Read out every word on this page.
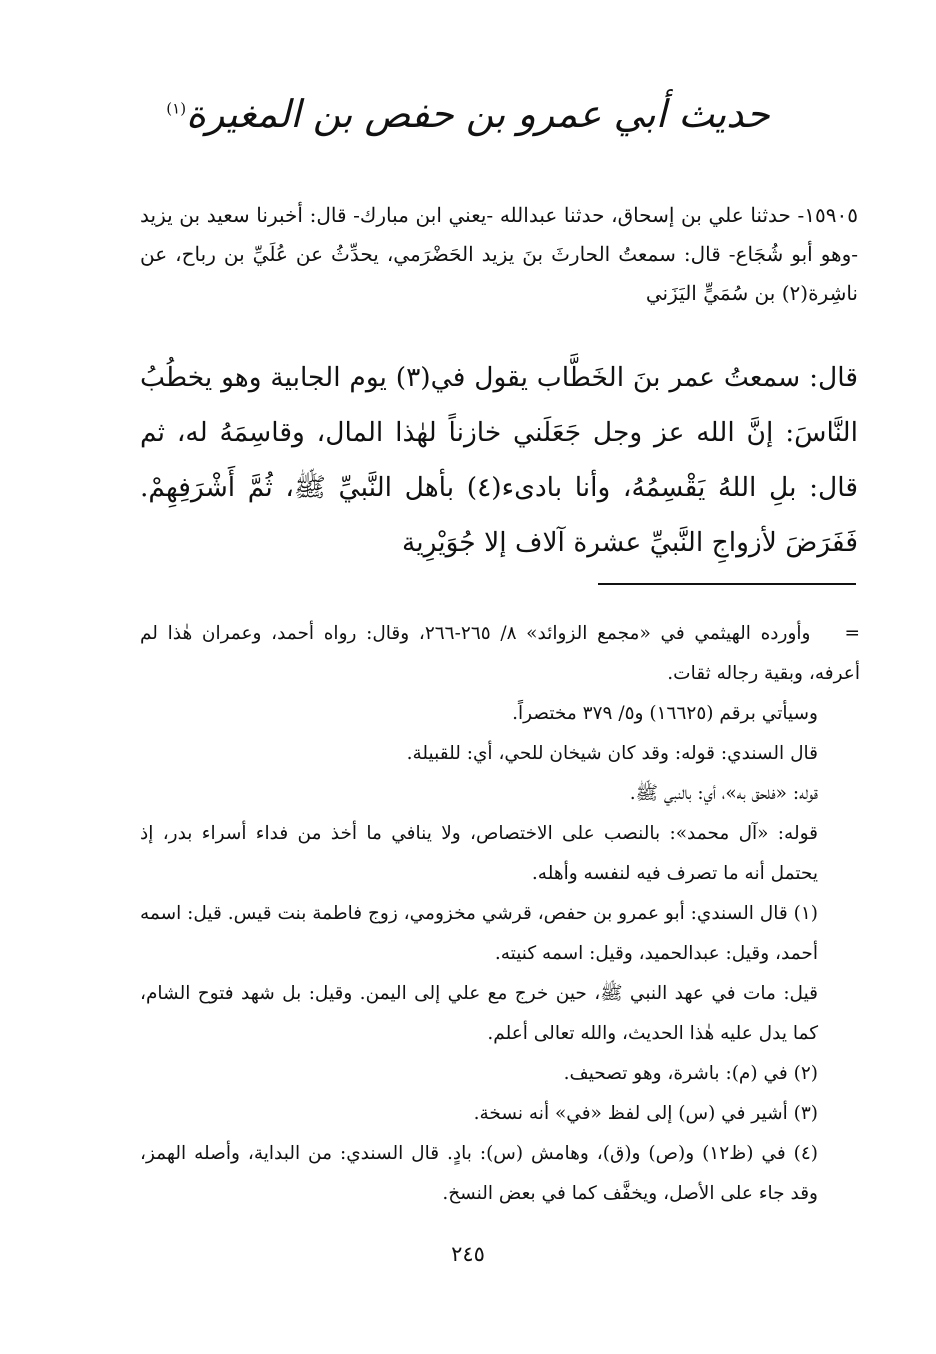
حديث أبي عمرو بن حفص بن المغيرة$^{(١)}$

١٥٩٠٥- حدثنا علي بن إسحاق، حدثنا عبدالله -يعني ابن مبارك- قال: أخبرنا سعيد بن يزيد -وهو أبو شُجَاع- قال: سمعتُ الحارثَ بنَ يزيد الحَضْرَمي، يحدِّثُ عن عُلَيِّ بن رباح، عن ناشِرة(٢) بن سُمَيٍّ اليَزَني

قال: سمعتُ عمر بنَ الخَطَّاب يقول في(٣) يوم الجابية وهو يخطُبُ النَّاسَ: إنَّ الله عز وجل جَعَلَني خازناً لهٰذا المال، وقاسِمَهُ له، ثم قال: بلِ اللهُ يَقْسِمُهُ، وأنا بادىء(٤) بأهل النَّبيِّ ﷺ، ثُمَّ أَشْرَفِهِمْ. فَفَرَضَ لأزواجِ النَّبيِّ عشرة آلاف إلا جُوَيْرِية

=وأورده الهيثمي في «مجمع الزوائد» ٨/ ٢٦٥-٢٦٦، وقال: رواه أحمد، وعمران هٰذا لم أعرفه، وبقية رجاله ثقات.

وسيأتي برقم (١٦٦٢٥) و٥/ ٣٧٩ مختصراً.

قال السندي: قوله: وقد كان شيخان للحي، أي: للقبيلة.

قوله: «فلحق به»، أي: بالنبي ﷺ.

قوله: «آل محمد»: بالنصب على الاختصاص، ولا ينافي ما أخذ من فداء أسراء بدر، إذ يحتمل أنه ما تصرف فيه لنفسه وأهله.

(١) قال السندي: أبو عمرو بن حفص، قرشي مخزومي، زوج فاطمة بنت قيس. قيل: اسمه أحمد، وقيل: عبدالحميد، وقيل: اسمه كنيته.

قيل: مات في عهد النبي ﷺ، حين خرج مع علي إلى اليمن. وقيل: بل شهد فتوح الشام، كما يدل عليه هٰذا الحديث، والله تعالى أعلم.

(٢) في (م): باشرة، وهو تصحيف.

(٣) أشير في (س) إلى لفظ «في» أنه نسخة.

(٤) في (ظ١٢) و(ص) و(ق)، وهامش (س): بادٍ. قال السندي: من البداية، وأصله الهمز، وقد جاء على الأصل، ويخفَّف كما في بعض النسخ.

٢٤٥
